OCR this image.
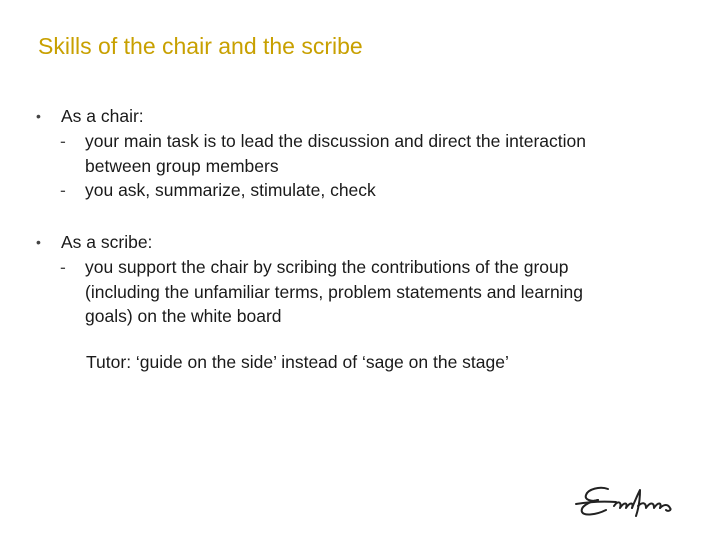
Skills of the chair and the scribe
• As a chair:
- your main task is to lead the discussion and direct the interaction
between group members
- you ask, summarize, stimulate, check
• As a scribe:
- you support the chair by scribing the contributions of the group
(including the unfamiliar terms, problem statements and learning
goals) on the white board
Tutor: ‘guide on the side’ instead of ‘sage on the stage’
